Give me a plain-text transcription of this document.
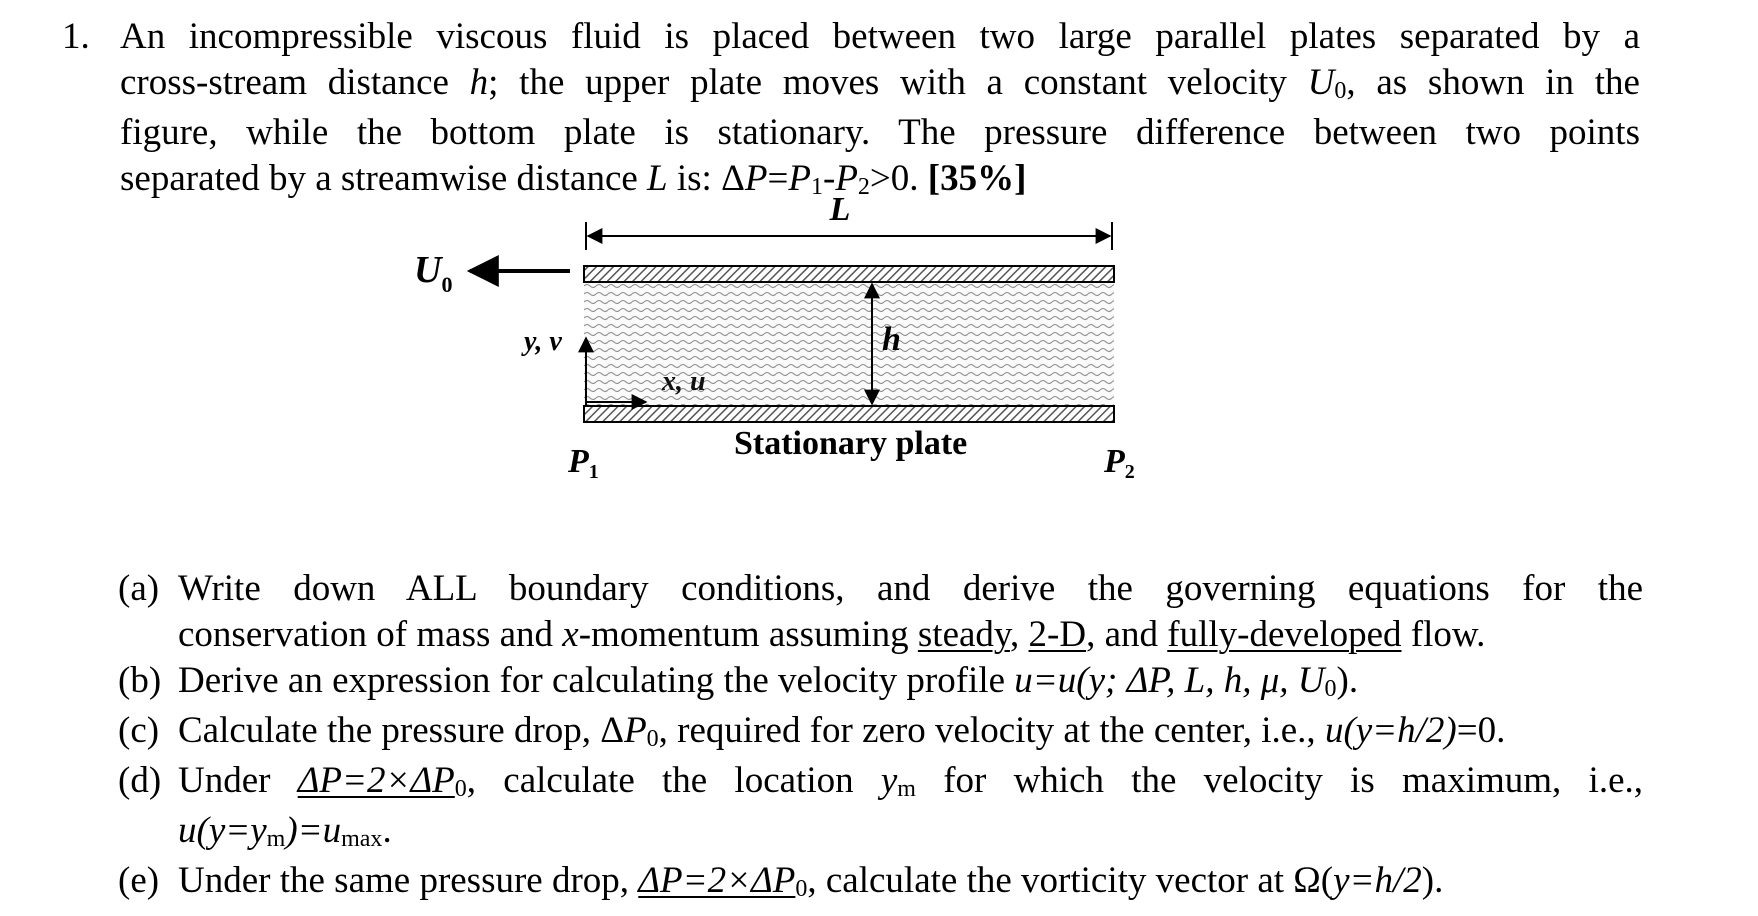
1. An incompressible viscous fluid is placed between two large parallel plates separated by a
cross-stream distance h; the upper plate moves with a constant velocity U0, as shown in the
figure, while the bottom plate is stationary. The pressure difference between two points
separated by a streamwise distance L is: ΔP=P1-P2>0. [35%]
L
$U_0$
y, v
x, u
h
Stationary plate
P1	P2
(a) Write down ALL boundary conditions, and derive the governing equations for the
conservation of mass and x-momentum assuming steady, 2-D, and fully-developed flow.
(b) Derive an expression for calculating the velocity profile u=u(y; ΔP, L, h, μ, U0).
(c) Calculate the pressure drop, ΔP0, required for zero velocity at the center, i.e., u(y=h/2)=0.
(d) Under ΔP=2×ΔP0, calculate the location ym for which the velocity is maximum, i.e.,
u(y=ym)=umax.
(e) Under the same pressure drop, ΔP=2×ΔP0, calculate the vorticity vector at Ω(y=h/2).
